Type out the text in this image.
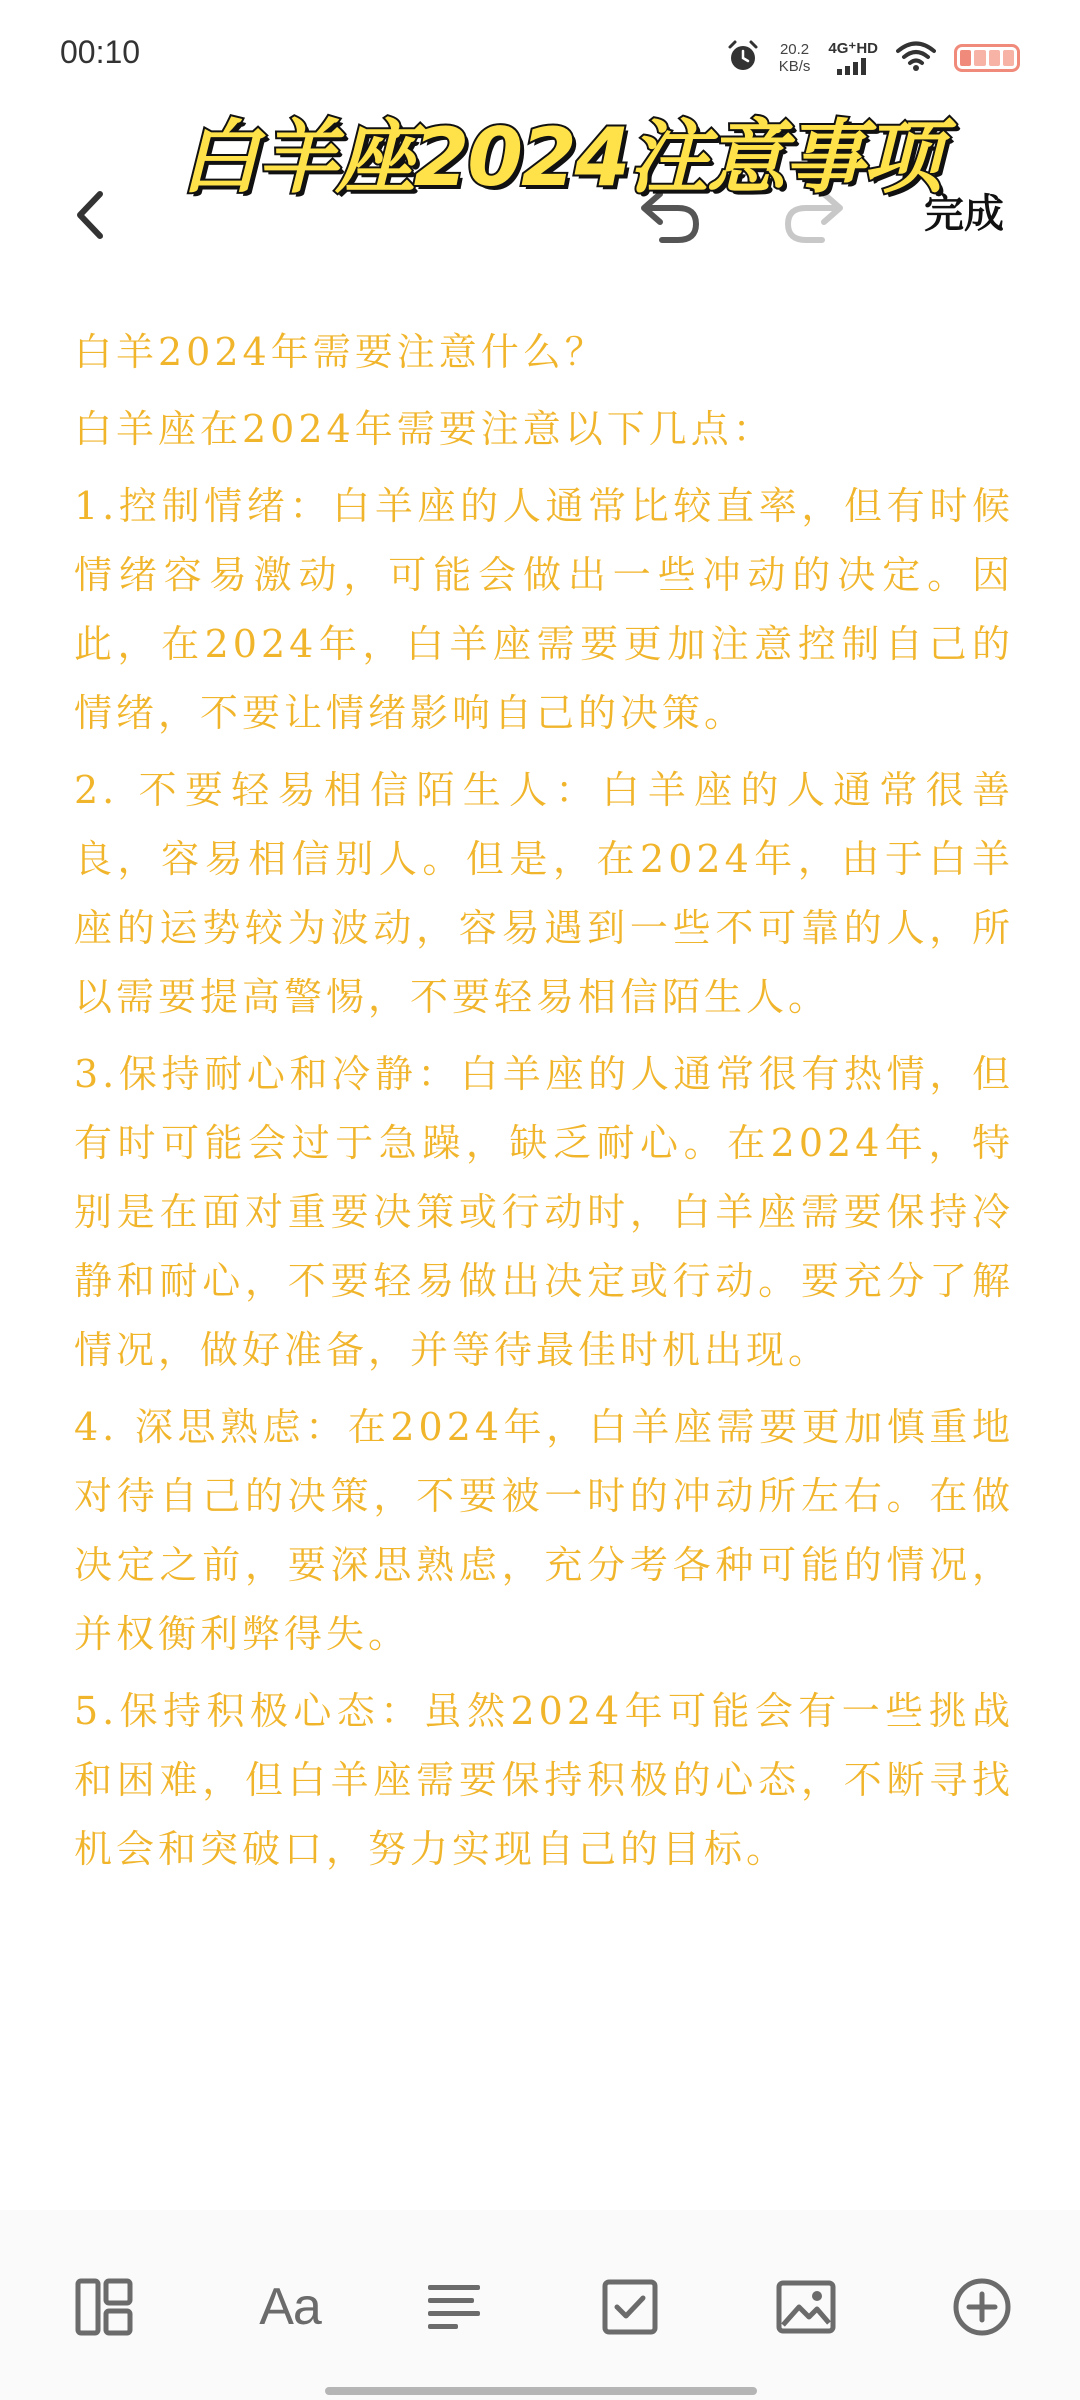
00:10	20.2
KB/s
4G⁺HD
完成
白羊座2024注意事项

白羊2024年需要注意什么？

白羊座在2024年需要注意以下几点：

1.控制情绪：白羊座的人通常比较直率，但有时候情绪容易激动，可能会做出一些冲动的决定。因此，在2024年，白羊座需要更加注意控制自己的情绪，不要让情绪影响自己的决策。

2. 不要轻易相信陌生人：白羊座的人通常很善良，容易相信别人。但是，在2024年，由于白羊座的运势较为波动，容易遇到一些不可靠的人，所以需要提高警惕，不要轻易相信陌生人。

3.保持耐心和冷静：白羊座的人通常很有热情，但有时可能会过于急躁，缺乏耐心。在2024年，特别是在面对重要决策或行动时，白羊座需要保持冷静和耐心，不要轻易做出决定或行动。要充分了解情况，做好准备，并等待最佳时机出现。

4. 深思熟虑：在2024年，白羊座需要更加慎重地对待自己的决策，不要被一时的冲动所左右。在做决定之前，要深思熟虑，充分考各种可能的情况，并权衡利弊得失。

5.保持积极心态：虽然2024年可能会有一些挑战和困难，但白羊座需要保持积极的心态，不断寻找机会和突破口，努力实现自己的目标。

Aa
